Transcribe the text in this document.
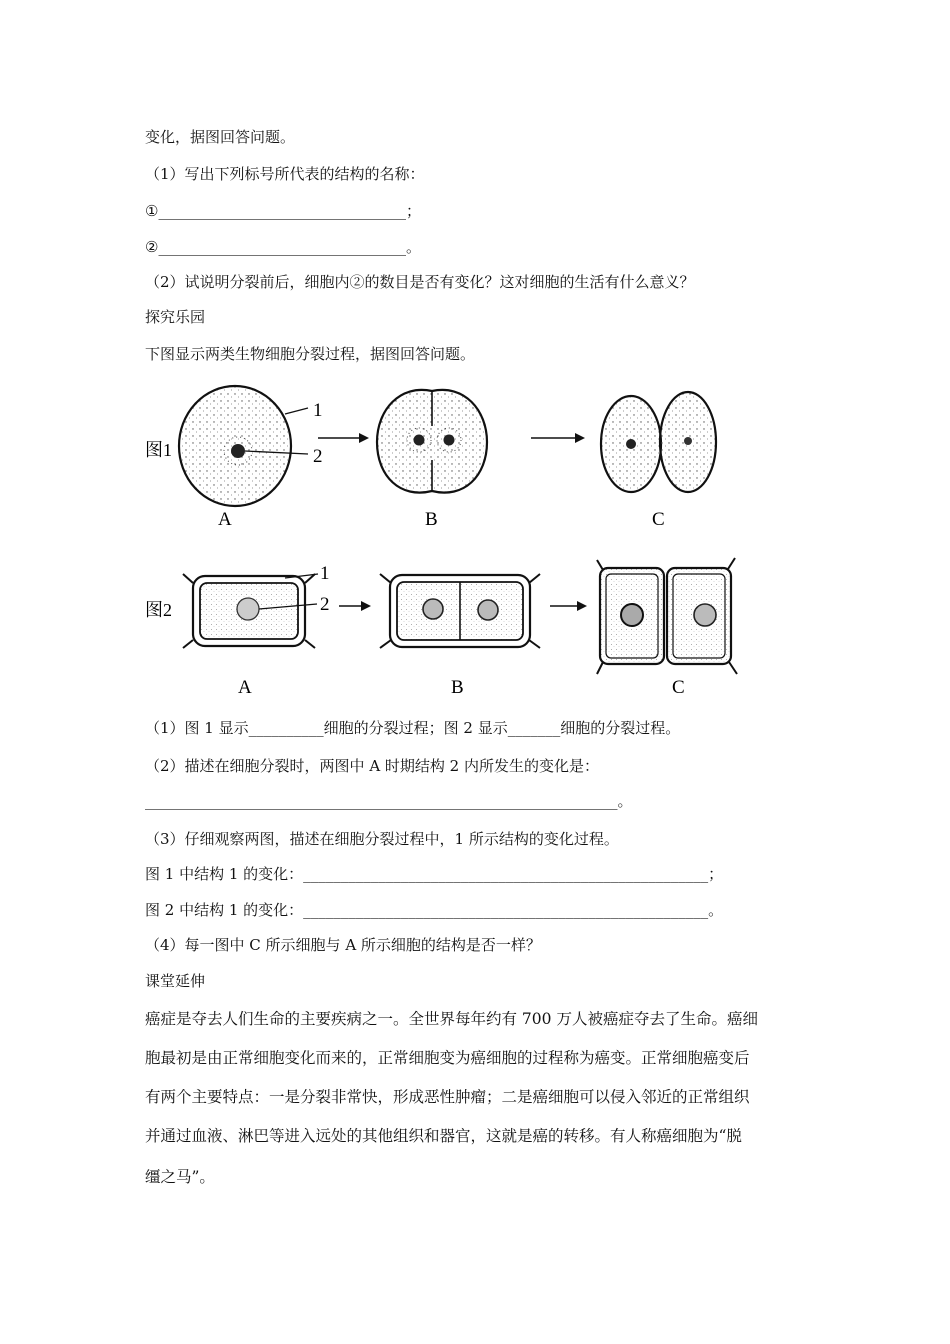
变化，据图回答问题。
（1）写出下列标号所代表的结构的名称：
①_________________________________；
②_________________________________。
（2）试说明分裂前后，细胞内②的数目是否有变化？这对细胞的生活有什么意义？
探究乐园
下图显示两类生物细胞分裂过程，据图回答问题。
图1
1
2
A	B	C
图2
1
2
A	B	C
（1）图 1 显示__________细胞的分裂过程；图 2 显示_______细胞的分裂过程。
（2）描述在细胞分裂时，两图中 A 时期结构 2 内所发生的变化是：
_______________________________________________________________。
（3）仔细观察两图，描述在细胞分裂过程中，1 所示结构的变化过程。
图 1 中结构 1 的变化：______________________________________________________；
图 2 中结构 1 的变化：______________________________________________________。
（4）每一图中 C 所示细胞与 A 所示细胞的结构是否一样？
课堂延伸
癌症是夺去人们生命的主要疾病之一。全世界每年约有 700 万人被癌症夺去了生命。癌细
胞最初是由正常细胞变化而来的，正常细胞变为癌细胞的过程称为癌变。正常细胞癌变后
有两个主要特点：一是分裂非常快，形成恶性肿瘤；二是癌细胞可以侵入邻近的正常组织
并通过血液、淋巴等进入远处的其他组织和器官，这就是癌的转移。有人称癌细胞为“脱
缰之马”。
